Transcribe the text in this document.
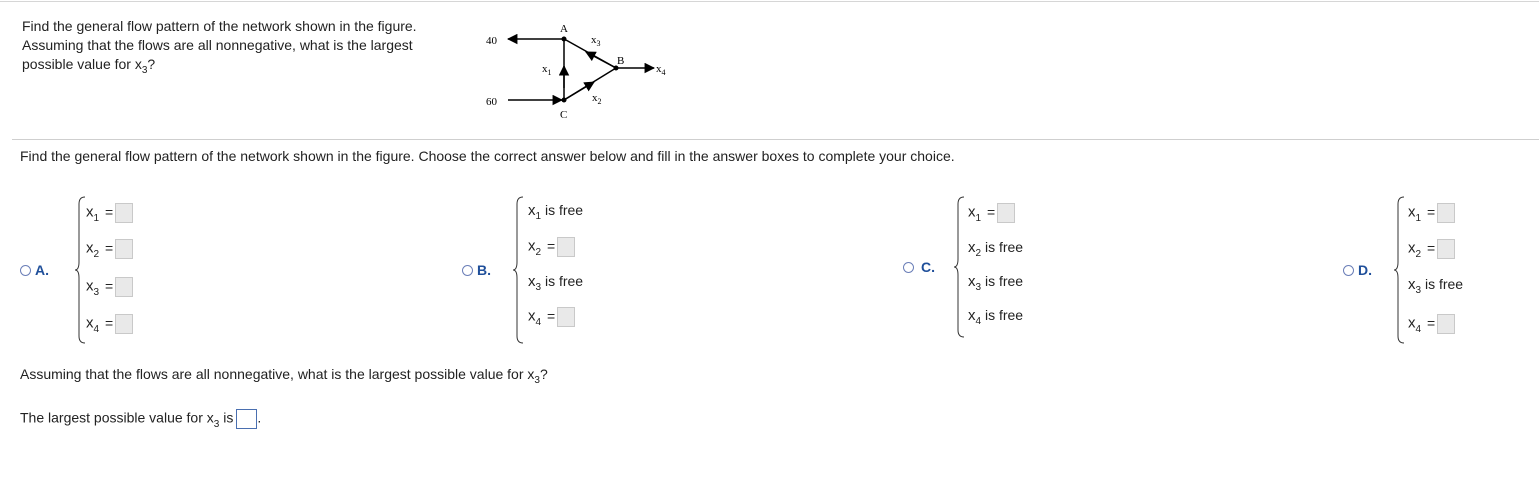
Find the general flow pattern of the network shown in the figure.
Assuming that the flows are all nonnegative, what is the largest
possible value for $x_3$?
40
60
A
B
C
$x_3$
$x_1$
$x_2$
$x_4$
Find the general flow pattern of the network shown in the figure. Choose the correct answer below and fill in the answer boxes to complete your choice.
A.
$x_1$ =
$x_2$ =
$x_3$ =
$x_4$ =
B.
$x_1$ is free
$x_2$ =
$x_3$ is free
$x_4$ =
C.
$x_1$ =
$x_2$ is free
$x_3$ is free
$x_4$ is free
D.
$x_1$ =
$x_2$ =
$x_3$ is free
$x_4$ =
Assuming that the flows are all nonnegative, what is the largest possible value for $x_3$?
The largest possible value for $x_3$ is .
